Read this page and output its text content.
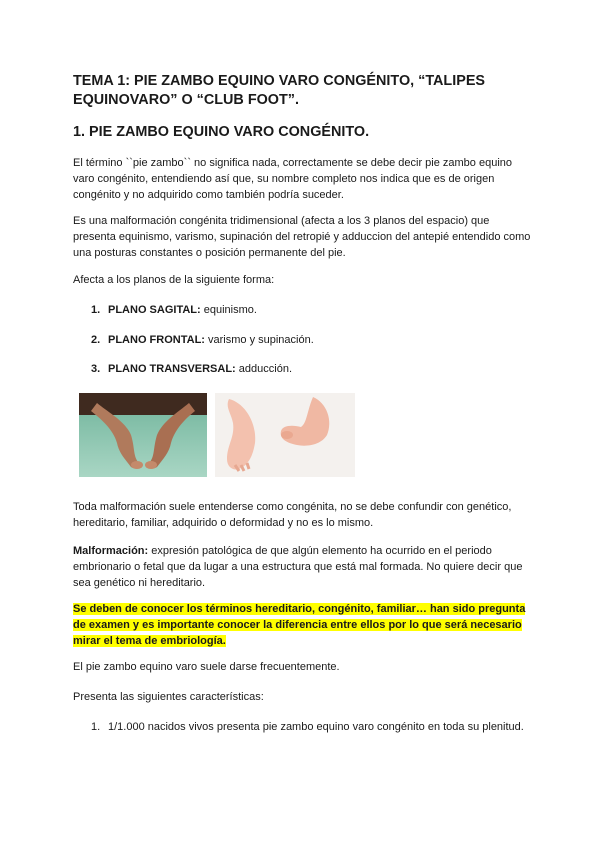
TEMA 1: PIE ZAMBO EQUINO VARO CONGÉNITO, “TALIPES EQUINOVARO” O “CLUB FOOT”.
1. PIE ZAMBO EQUINO VARO CONGÉNITO.

El término ``pie zambo`` no significa nada, correctamente se debe decir pie zambo equino varo congénito, entendiendo así que, su nombre completo nos indica que es de origen congénito y no adquirido como también podría suceder.

Es una malformación congénita tridimensional (afecta a los 3 planos del espacio) que presenta equinismo, varismo, supinación del retropié y adduccion del antepié entendido como una posturas constantes o posición permanente del pie.

Afecta a los planos de la siguiente forma:

1. PLANO SAGITAL: equinismo.
2. PLANO FRONTAL: varismo y supinación.
3. PLANO TRANSVERSAL: adducción.

Toda malformación suele entenderse como congénita, no se debe confundir con genético, hereditario, familiar, adquirido o deformidad y no es lo mismo.

Malformación: expresión patológica de que algún elemento ha ocurrido en el periodo embrionario o fetal que da lugar a una estructura que está mal formada. No quiere decir que sea genético ni hereditario.

Se deben de conocer los términos hereditario, congénito, familiar… han sido pregunta de examen y es importante conocer la diferencia entre ellos por lo que será necesario mirar el tema de embriología.

El pie zambo equino varo suele darse frecuentemente.

Presenta las siguientes características:

1. 1/1.000 nacidos vivos presenta pie zambo equino varo congénito en toda su plenitud.
